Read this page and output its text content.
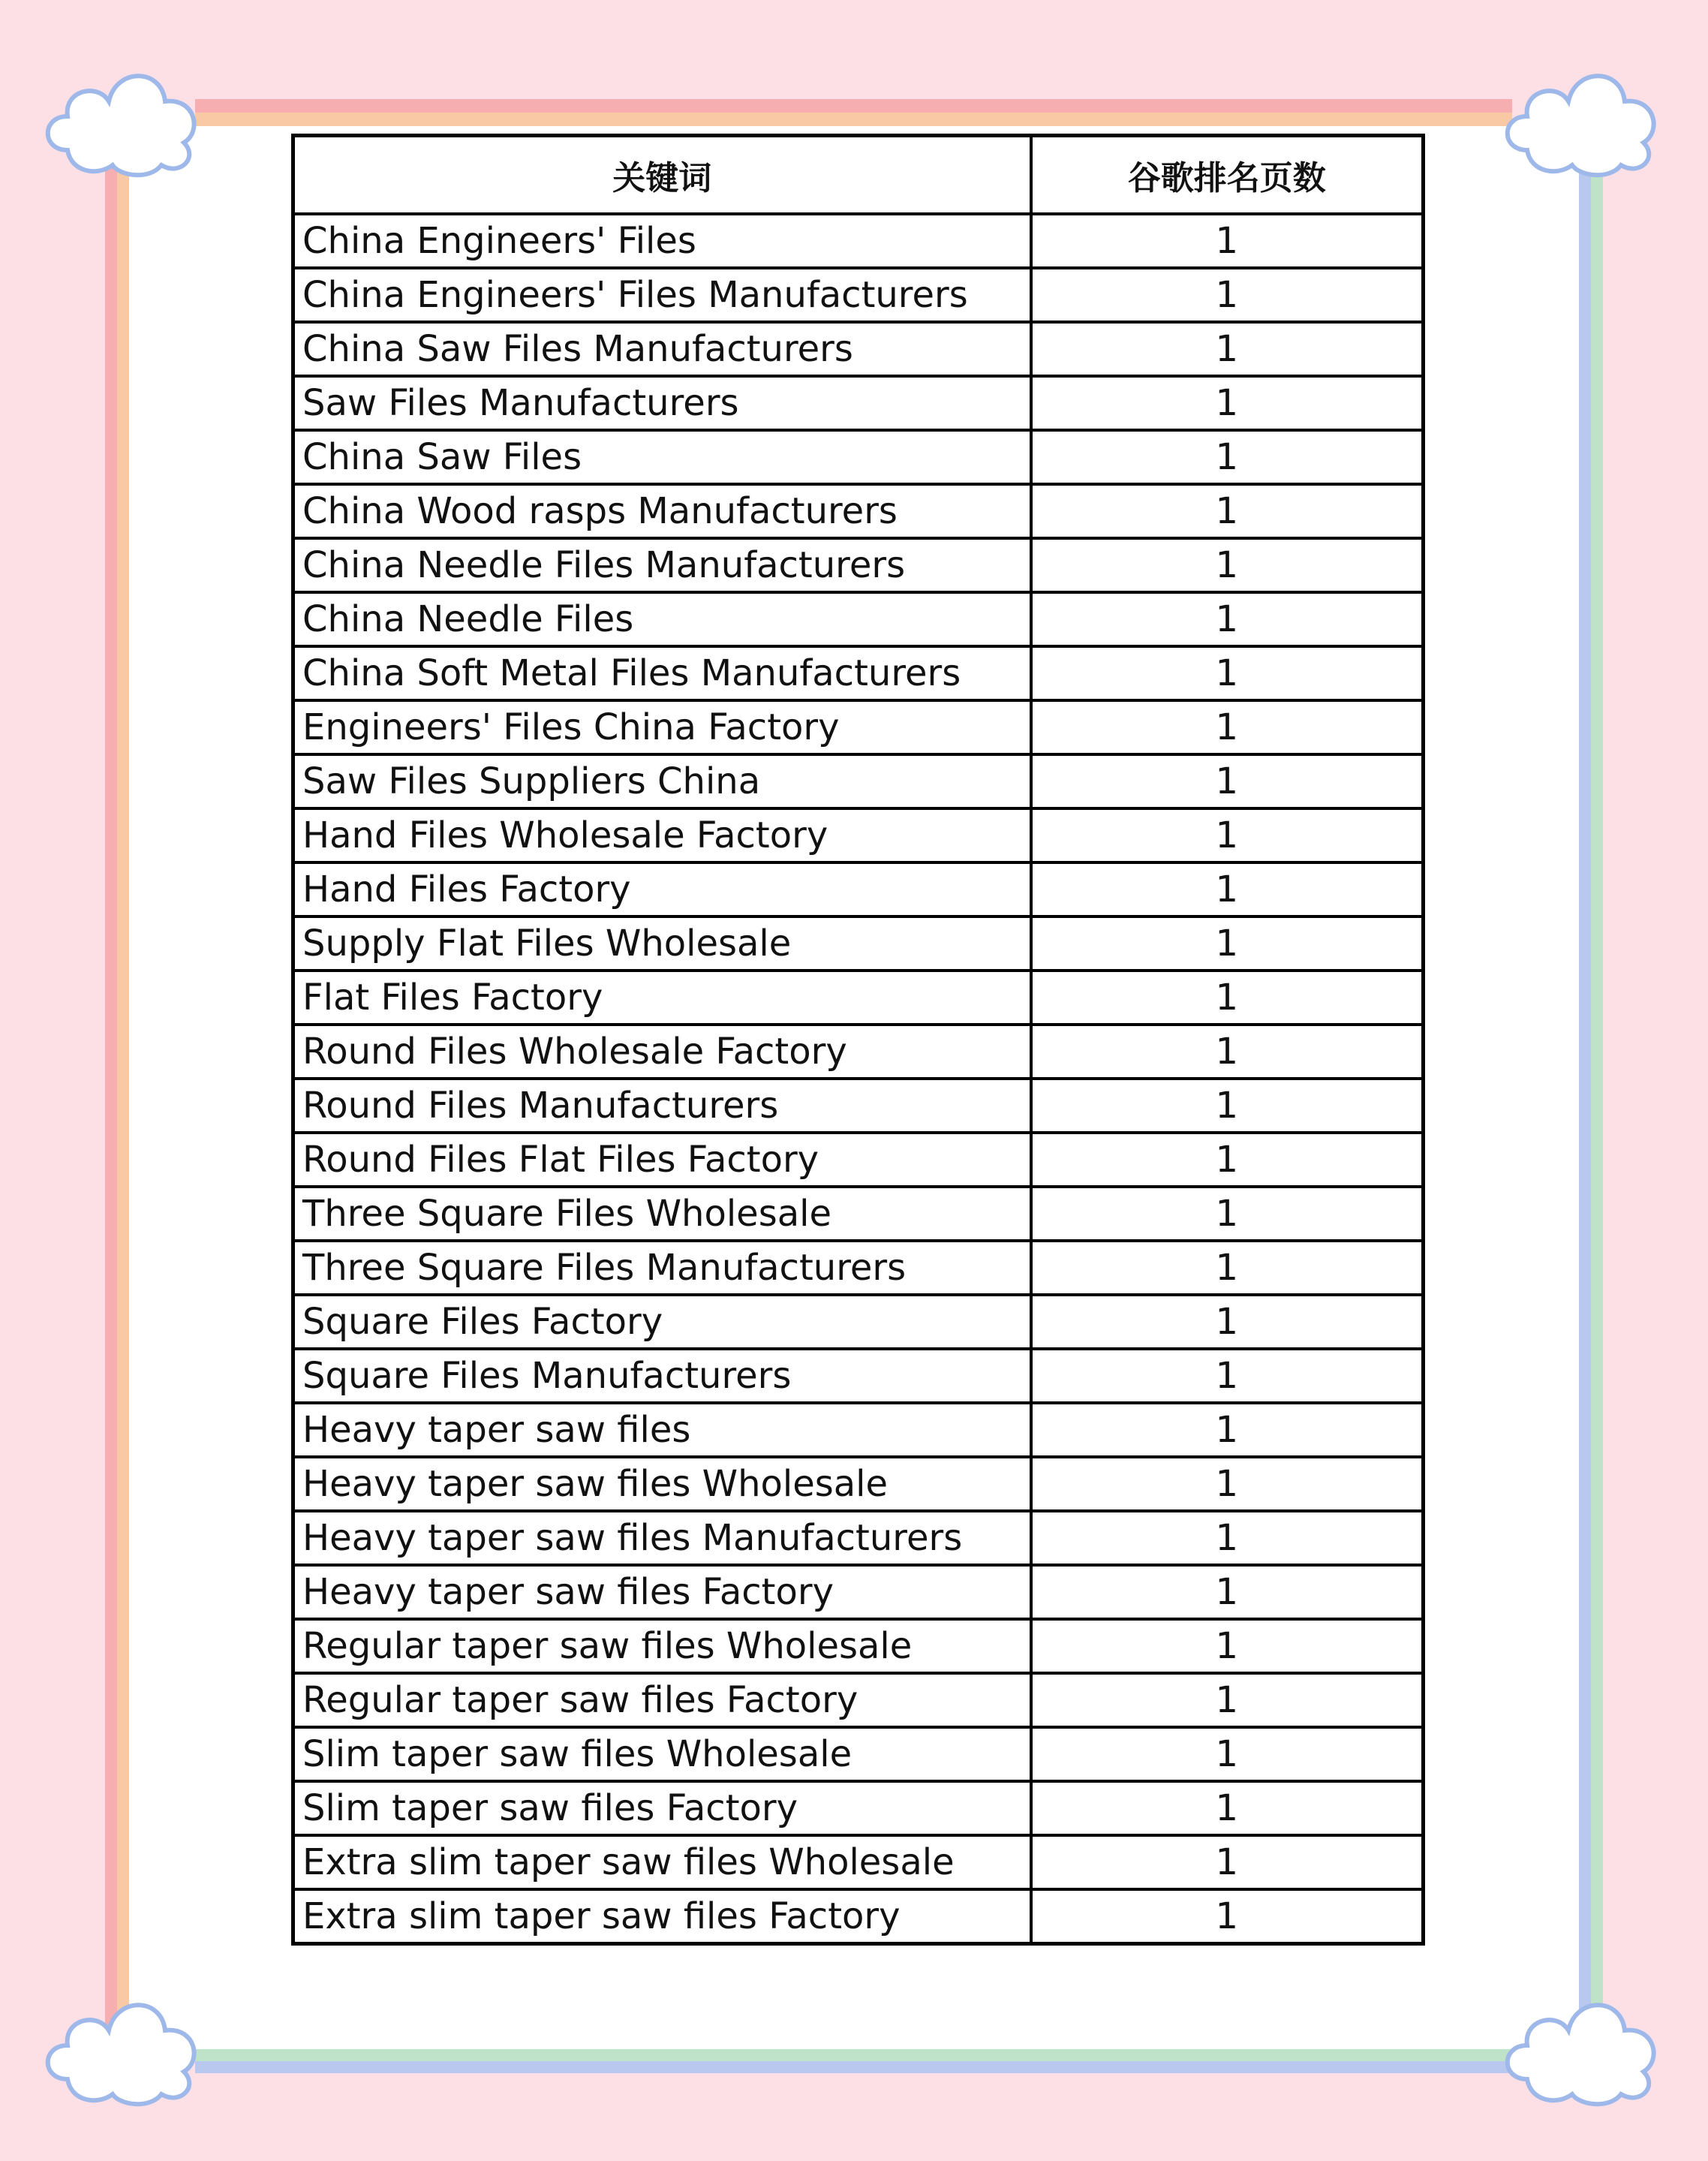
关键词	谷歌排名页数
China Engineers' Files	1
China Engineers' Files Manufacturers	1
China Saw Files Manufacturers	1
Saw Files Manufacturers	1
China Saw Files	1
China Wood rasps Manufacturers	1
China Needle Files Manufacturers	1
China Needle Files	1
China Soft Metal Files Manufacturers	1
Engineers' Files China Factory	1
Saw Files Suppliers China	1
Hand Files Wholesale Factory	1
Hand Files Factory	1
Supply Flat Files Wholesale	1
Flat Files Factory	1
Round Files Wholesale Factory	1
Round Files Manufacturers	1
Round Files Flat Files Factory	1
Three Square Files Wholesale	1
Three Square Files Manufacturers	1
Square Files Factory	1
Square Files Manufacturers	1
Heavy taper saw files	1
Heavy taper saw files Wholesale	1
Heavy taper saw files Manufacturers	1
Heavy taper saw files Factory	1
Regular taper saw files Wholesale	1
Regular taper saw files Factory	1
Slim taper saw files Wholesale	1
Slim taper saw files Factory	1
Extra slim taper saw files Wholesale	1
Extra slim taper saw files Factory	1
